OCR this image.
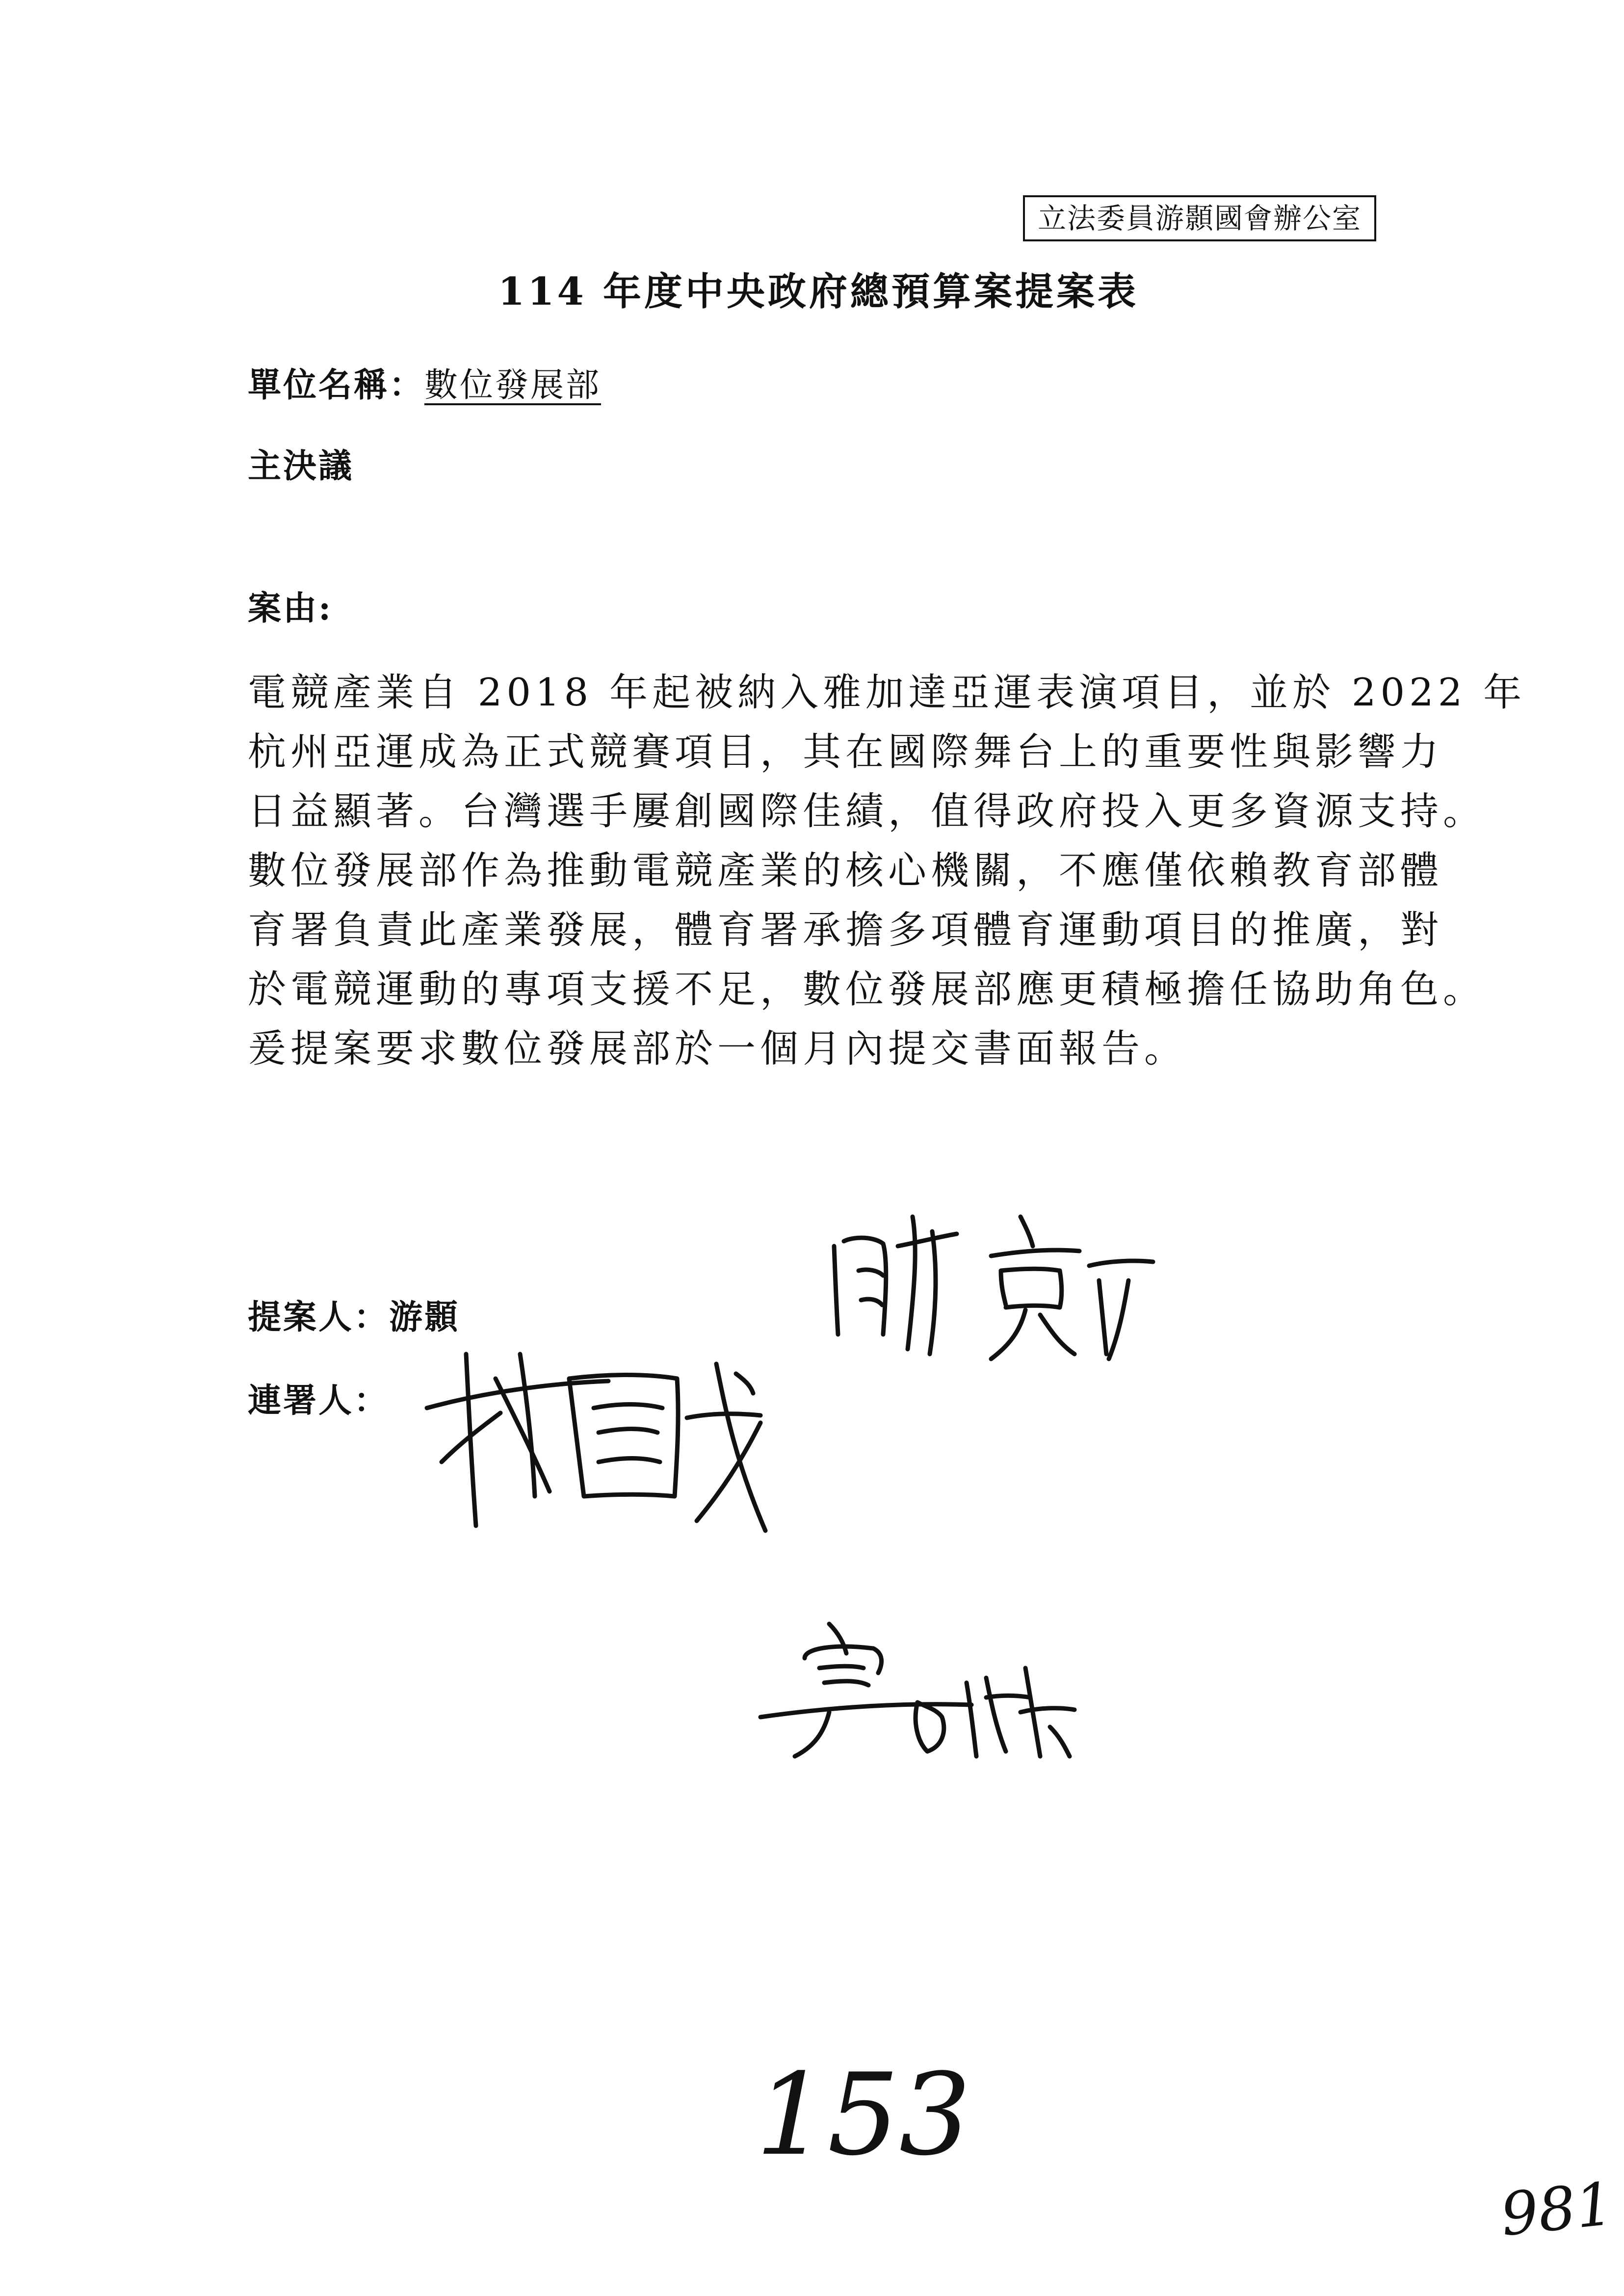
立法委員游顥國會辦公室
114 年度中央政府總預算案提案表
單位名稱：數位發展部
主決議
案由:

電競產業自 2018 年起被納入雅加達亞運表演項目，並於 2022 年

杭州亞運成為正式競賽項目，其在國際舞台上的重要性與影響力

日益顯著。台灣選手屢創國際佳績，值得政府投入更多資源支持。

數位發展部作為推動電競產業的核心機關，不應僅依賴教育部體

育署負責此產業發展，體育署承擔多項體育運動項目的推廣，對

於電競運動的專項支援不足，數位發展部應更積極擔任協助角色。

爰提案要求數位發展部於一個月內提交書面報告。

提案人：游顥
連署人：
153
981
